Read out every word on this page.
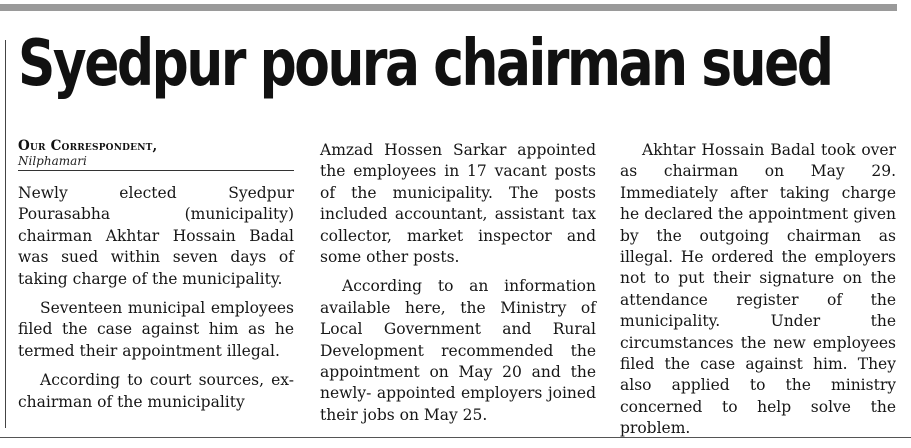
Syedpur poura chairman sued
Our Correspondent,
Nilphamari

Newly elected Syedpur Pourasabha (municipality) chairman Akhtar Hossain Badal was sued within seven days of taking charge of the municipality.

Seventeen municipal employees filed the case against him as he termed their appointment illegal.

According to court sources, ex-chairman of the municipality

Amzad Hossen Sarkar appointed the employees in 17 vacant posts of the municipality. The posts included accountant, assistant tax collector, market inspector and some other posts.

According to an information available here, the Ministry of Local Government and Rural Development recommended the appointment on May 20 and the newly- appointed employers joined their jobs on May 25.

Akhtar Hossain Badal took over as chairman on May 29. Immediately after taking charge he declared the appointment given by the outgoing chairman as illegal. He ordered the employers not to put their signature on the attendance register of the municipality. Under the circumstances the new employees filed the case against him. They also applied to the ministry concerned to help solve the problem.
